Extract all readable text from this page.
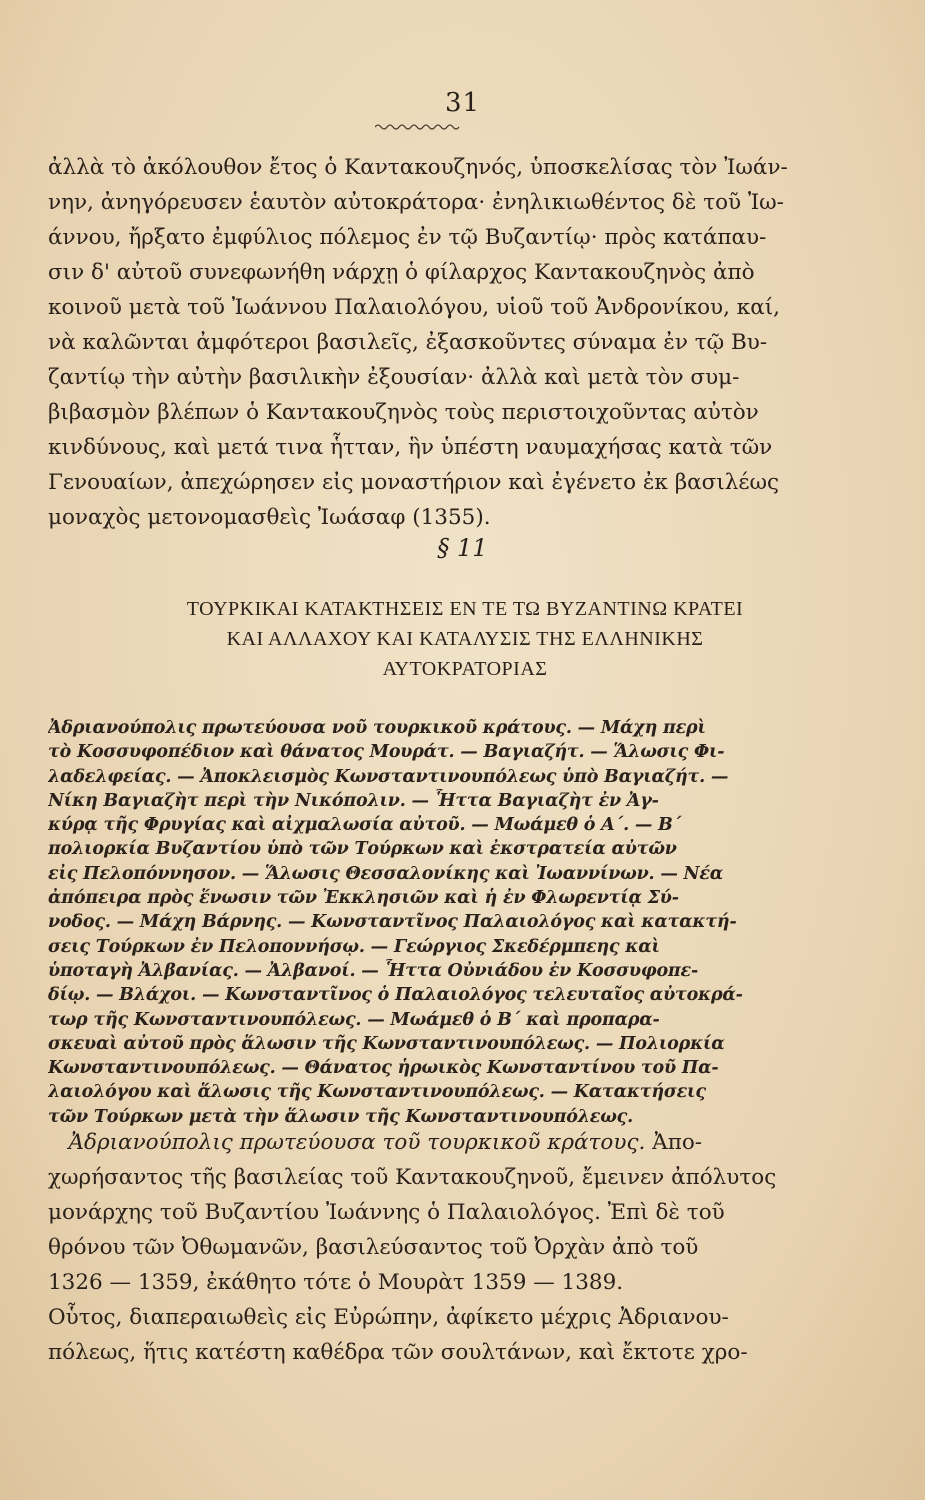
31
ἀλλὰ τὸ ἀκόλουθον ἔτος ὁ Καντακουζηνός, ὑποσκελίσας τὸν Ἰωάν-
νην, ἀνηγόρευσεν ἑαυτὸν αὐτοκράτορα· ἐνηλικιωθέντος δὲ τοῦ Ἰω-
άννου, ἤρξατο ἐμφύλιος πόλεμος ἐν τῷ Βυζαντίῳ· πρὸς κατάπαυ-
σιν δ' αὐτοῦ συνεφωνήθη νάρχῃ ὁ φίλαρχος Καντακουζηνὸς ἀπὸ
κοινοῦ μετὰ τοῦ Ἰωάννου Παλαιολόγου, υἱοῦ τοῦ Ἀνδρονίκου, καί,
νὰ καλῶνται ἀμφότεροι βασιλεῖς, ἐξασκοῦντες σύναμα ἐν τῷ Βυ-
ζαντίῳ τὴν αὐτὴν βασιλικὴν ἐξουσίαν· ἀλλὰ καὶ μετὰ τὸν συμ-
βιβασμὸν βλέπων ὁ Καντακουζηνὸς τοὺς περιστοιχοῦντας αὐτὸν
κινδύνους, καὶ μετά τινα ἧτταν, ἣν ὑπέστη ναυμαχήσας κατὰ τῶν
Γενουαίων, ἀπεχώρησεν εἰς μοναστήριον καὶ ἐγένετο ἐκ βασιλέως
μοναχὸς μετονομασθεὶς Ἰωάσαφ (1355).
§ 11
ΤΟΥΡΚΙΚΑΙ ΚΑΤΑΚΤΗΣΕΙΣ ΕΝ ΤΕ ΤΩ ΒΥΖΑΝΤΙΝΩ ΚΡΑΤΕΙ
ΚΑΙ ΑΛΛΑΧΟΥ ΚΑΙ ΚΑΤΑΛΥΣΙΣ ΤΗΣ ΕΛΛΗΝΙΚΗΣ
ΑΥΤΟΚΡΑΤΟΡΙΑΣ
Ἀδριανούπολις πρωτεύουσα νοῦ τουρκικοῦ κράτους. — Μάχη περὶ
τὸ Κοσσυφοπέδιον καὶ θάνατος Μουράτ. — Βαγιαζήτ. — Ἅλωσις Φι-
λαδελφείας. — Ἀποκλεισμὸς Κωνσταντινουπόλεως ὑπὸ Βαγιαζήτ. —
Νίκη Βαγιαζὴτ περὶ τὴν Νικόπολιν. — Ἧττα Βαγιαζὴτ ἐν Ἀγ-
κύρᾳ τῆς Φρυγίας καὶ αἰχμαλωσία αὐτοῦ. — Μωάμεθ ὁ Α΄. — Β΄
πολιορκία Βυζαντίου ὑπὸ τῶν Τούρκων καὶ ἐκστρατεία αὐτῶν
εἰς Πελοπόννησον. — Ἅλωσις Θεσσαλονίκης καὶ Ἰωαννίνων. — Νέα
ἀπόπειρα πρὸς ἕνωσιν τῶν Ἐκκλησιῶν καὶ ἡ ἐν Φλωρεντίᾳ Σύ-
νοδος. — Μάχη Βάρνης. — Κωνσταντῖνος Παλαιολόγος καὶ κατακτή-
σεις Τούρκων ἐν Πελοποννήσῳ. — Γεώργιος Σκεδέρμπεης καὶ
ὑποταγὴ Ἀλβανίας. — Ἀλβανοί. — Ἧττα Οὐνιάδου ἐν Κοσσυφοπε-
δίῳ. — Βλάχοι. — Κωνσταντῖνος ὁ Παλαιολόγος τελευταῖος αὐτοκρά-
τωρ τῆς Κωνσταντινουπόλεως. — Μωάμεθ ὁ Β΄ καὶ προπαρα-
σκευαὶ αὐτοῦ πρὸς ἅλωσιν τῆς Κωνσταντινουπόλεως. — Πολιορκία
Κωνσταντινουπόλεως. — Θάνατος ἡρωικὸς Κωνσταντίνου τοῦ Πα-
λαιολόγου καὶ ἅλωσις τῆς Κωνσταντινουπόλεως. — Κατακτήσεις
τῶν Τούρκων μετὰ τὴν ἅλωσιν τῆς Κωνσταντινουπόλεως.
Ἀδριανούπολις πρωτεύουσα τοῦ τουρκικοῦ κράτους. Ἀπο-
χωρήσαντος τῆς βασιλείας τοῦ Καντακουζηνοῦ, ἔμεινεν ἀπόλυτος
μονάρχης τοῦ Βυζαντίου Ἰωάννης ὁ Παλαιολόγος. Ἐπὶ δὲ τοῦ
θρόνου τῶν Ὀθωμανῶν, βασιλεύσαντος τοῦ Ὀρχὰν ἀπὸ τοῦ
1326 — 1359, ἐκάθητο τότε ὁ Μουρὰτ 1359 — 1389.
Οὗτος, διαπεραιωθεὶς εἰς Εὐρώπην, ἀφίκετο μέχρις Ἀδριανου-
πόλεως, ἥτις κατέστη καθέδρα τῶν σουλτάνων, καὶ ἔκτοτε χρο-
